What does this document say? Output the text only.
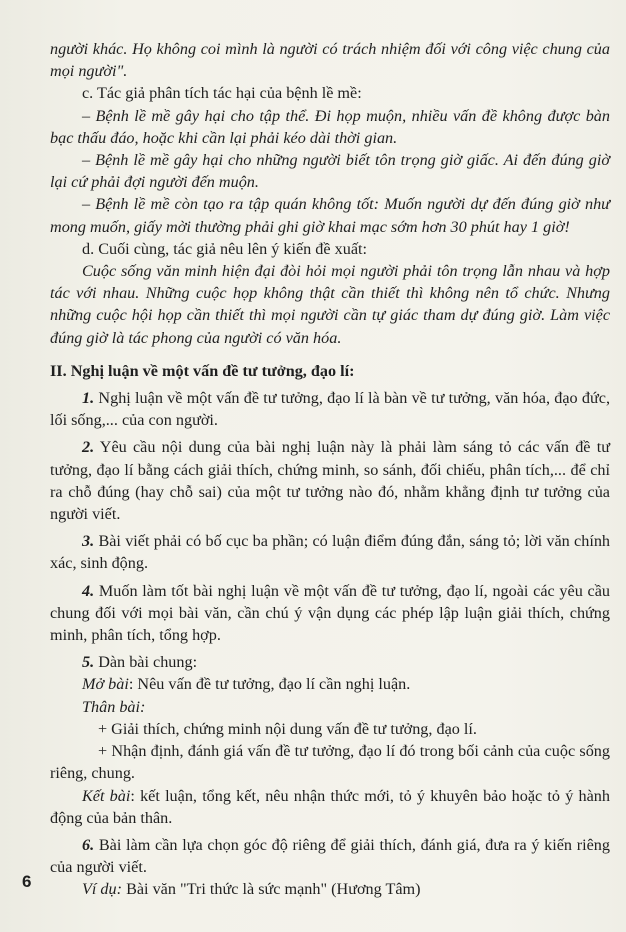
người khác. Họ không coi mình là người có trách nhiệm đối với công việc chung của mọi người".

c. Tác giả phân tích tác hại của bệnh lề mề:

– Bệnh lề mề gây hại cho tập thể. Đi họp muộn, nhiều vấn đề không được bàn bạc thấu đáo, hoặc khi cần lại phải kéo dài thời gian.

– Bệnh lề mề gây hại cho những người biết tôn trọng giờ giấc. Ai đến đúng giờ lại cứ phải đợi người đến muộn.

– Bệnh lề mề còn tạo ra tập quán không tốt: Muốn người dự đến đúng giờ như mong muốn, giấy mời thường phải ghi giờ khai mạc sớm hơn 30 phút hay 1 giờ!

d. Cuối cùng, tác giả nêu lên ý kiến đề xuất:

Cuộc sống văn minh hiện đại đòi hỏi mọi người phải tôn trọng lẫn nhau và hợp tác với nhau. Những cuộc họp không thật cần thiết thì không nên tổ chức. Nhưng những cuộc hội họp cần thiết thì mọi người cần tự giác tham dự đúng giờ. Làm việc đúng giờ là tác phong của người có văn hóa.

II. Nghị luận về một vấn đề tư tưởng, đạo lí:

1. Nghị luận về một vấn đề tư tưởng, đạo lí là bàn về tư tưởng, văn hóa, đạo đức, lối sống,... của con người.

2. Yêu cầu nội dung của bài nghị luận này là phải làm sáng tỏ các vấn đề tư tưởng, đạo lí bằng cách giải thích, chứng minh, so sánh, đối chiếu, phân tích,... để chỉ ra chỗ đúng (hay chỗ sai) của một tư tưởng nào đó, nhằm khẳng định tư tưởng của người viết.

3. Bài viết phải có bố cục ba phần; có luận điểm đúng đắn, sáng tỏ; lời văn chính xác, sinh động.

4. Muốn làm tốt bài nghị luận về một vấn đề tư tưởng, đạo lí, ngoài các yêu cầu chung đối với mọi bài văn, cần chú ý vận dụng các phép lập luận giải thích, chứng minh, phân tích, tổng hợp.

5. Dàn bài chung:

Mở bài: Nêu vấn đề tư tưởng, đạo lí cần nghị luận.

Thân bài:

+ Giải thích, chứng minh nội dung vấn đề tư tưởng, đạo lí.

+ Nhận định, đánh giá vấn đề tư tưởng, đạo lí đó trong bối cảnh của cuộc sống riêng, chung.

Kết bài: kết luận, tổng kết, nêu nhận thức mới, tỏ ý khuyên bảo hoặc tỏ ý hành động của bản thân.

6. Bài làm cần lựa chọn góc độ riêng để giải thích, đánh giá, đưa ra ý kiến riêng của người viết.

Ví dụ: Bài văn "Tri thức là sức mạnh" (Hương Tâm)

6
